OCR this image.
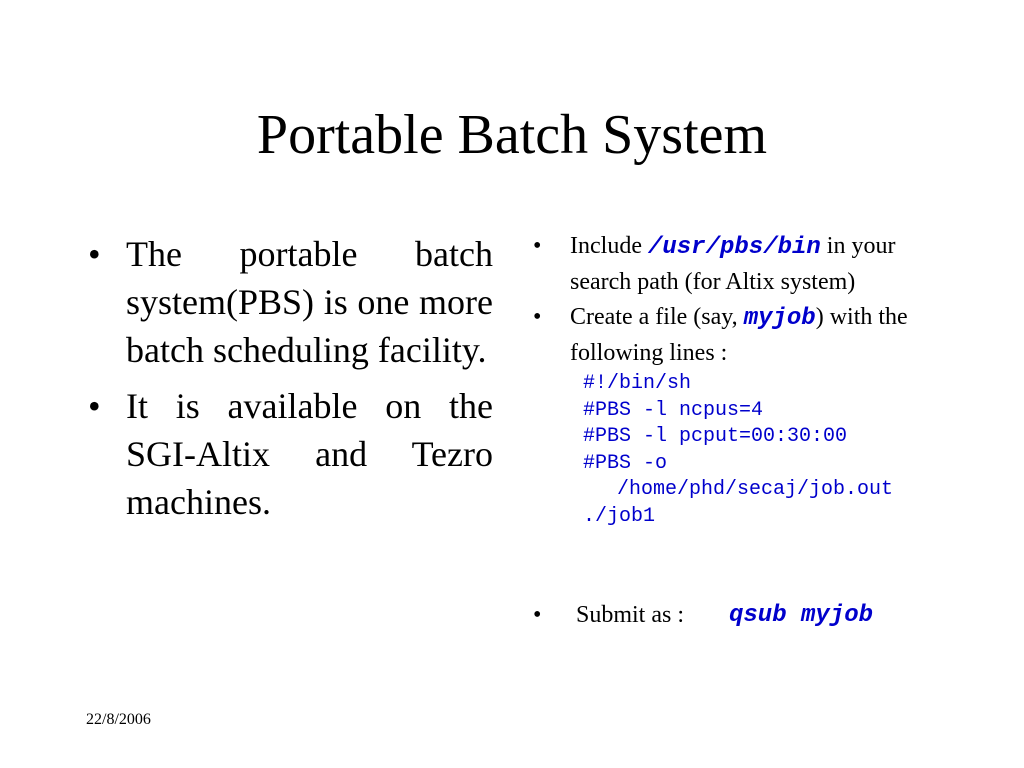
Portable Batch System
• The portable batch system(PBS) is one more batch scheduling facility.
• It is available on the SGI-Altix and Tezro machines.
• Include /usr/pbs/bin in your search path (for Altix system)
• Create a file (say, myjob) with the following lines :
#!/bin/sh
#PBS -l ncpus=4
#PBS -l pcput=00:30:00
#PBS -o
/home/phd/secaj/job.out
./job1
• Submit as : qsub myjob
22/8/2006
